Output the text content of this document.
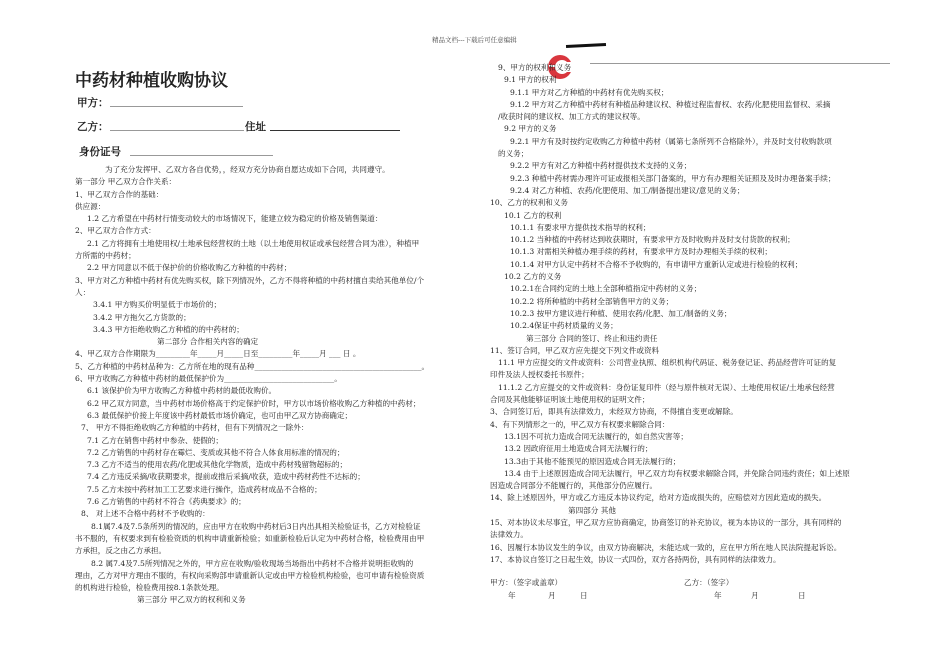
精品文档---下载后可任意编辑
中药材种植收购协议
甲方：
乙方：	住址
身份证号
为了充分发挥甲、乙双方各自优势，，经双方充分协商自愿达成如下合同，共同遵守。
第一部分 甲乙双方合作关系：
1、甲乙双方合作的基础：
供应源：
1.2 乙方希望在中药材行情变动较大的市场情况下，能建立较为稳定的价格及销售渠道：
2、甲乙双方合作方式：
2.1 乙方将拥有土地使用权/土地承包经营权的土地（以土地使用权证或承包经营合同为准），种植甲
方所需的中药材；
2.2 甲方同意以不低于保护价的价格收购乙方种植的中药材；
3、甲方对乙方种植中药材有优先购买权，除下列情况外，乙方不得将种植的中药材擅自卖给其他单位/个
人：
3.4.1 甲方购买价明显低于市场价的；
3.4.2 甲方拖欠乙方货款的；
3.4.3 甲方拒绝收购乙方种植的的中药材的；
第二部分 合作相关内容的确定
4、甲乙双方合作期限为_________年_____月_____日至_________年_____月 ___ 日 。
5、乙方种植的中药材品种为：乙方所在地的现有品种____________________________________________。
6、甲方收购乙方种植中药材的最低保护价为_____________________________。
6.1 该保护价为甲方收购乙方种植中药材的最低收购价。
6.2 甲乙双方同意，当中药材市场价格高于约定保护价时，甲方以市场价格收购乙方种植的中药材；
6.3 最低保护价接上年度该中药材最低市场价确定，也可由甲乙双方协商确定；
7、 甲方不得拒绝收购乙方种植的中药材，但有下列情况之一除外：
7.1 乙方在销售中药材中参杂、使假的；
7.2 乙方销售的中药材存在霉烂、变质或其他不符合人体食用标准的情况的；
7.3 乙方不适当的使用农药/化肥或其他化学物质，造成中药材残留物超标的；
7.4 乙方违反采摘/收获期要求，提前或推后采摘/收获，造成中药材药性不达标的；
7.5 乙方未按中药材加工工艺要求进行操作，造成药材成品不合格的；
7.6 乙方销售的中药材不符合《药典要求》的；
8、 对上述不合格中药材不予收购的：
8.1属7.4及7.5条所列的情况的，应由甲方在收购中药材后3日内出具相关检验证书，乙方对检验证
书不服的，有权要求到有检验资质的机构申请重新检验；如重新检验后认定为中药材合格，检验费用由甲
方承担，反之由乙方承担。
8.2 属7.4及7.5所列情况之外的，甲方应在收购/验收现场当场指出中药材不合格并说明拒收购的
理由，乙方对甲方理由不服的，有权向采购部申请重新认定或由甲方检验机构检验，也可申请有检验资质
的机构进行检验，检验费用按8.1条款处理。
第三部分 甲乙双方的权利和义务
9、甲方的权利和义务
9.1 甲方的权利
9.1.1 甲方对乙方种植的中药材有优先购买权；
9.1.2 甲方对乙方种植中药材有种植品种建议权、种植过程监督权、农药/化肥使用监督权、采摘
/收获时间的建议权、加工方式的建议权等。
9.2 甲方的义务
9.2.1 甲方有及时按约定收购乙方种植中药材（属第七条所列不合格除外），并及时支付收购款项
的义务；
9.2.2 甲方有对乙方种植中药材提供技术支持的义务；
9.2.3 种植中药材需办理许可证或报相关部门备案的，甲方有办理相关证照及及时办理备案手续；
9.2.4 对乙方种植、农药/化肥使用、加工/制备提出建议/意见的义务；
10、乙方的权利和义务
10.1 乙方的权利
10.1.1 有要求甲方提供技术指导的权利；
10.1.2 当种植的中药材达到收获期时，有要求甲方及时收购并及时支付货款的权利；
10.1.3 对需相关种植办理手续的药材，有要求甲方及时办理相关手续的权利；
10.1.4 对甲方认定中药材不合格不予收购的，有申请甲方重新认定或进行检验的权利；
10.2 乙方的义务
10.2.1在合同约定的土地上全部种植指定中药材的义务；
10.2.2 将所种植的中药材全部销售甲方的义务；
10.2.3 按甲方建议进行种植、使用农药/化肥、加工/制备的义务；
10.2.4保证中药材质量的义务；
第三部分 合同的签订、终止和违约责任
11、签订合同，甲乙双方应先提交下列文件或资料
11.1 甲方应提交的文件或资料：公司营业执照、组织机构代码证、税务登记证、药品经营许可证的复
印件及法人授权委托书原件；
11.1.2 乙方应提交的文件或资料：身份证复印件（经与原件核对无误）、土地使用权证/土地承包经营
合同及其他能够证明该土地使用权的证明文件；
3、合同签订后，即具有法律效力，未经双方协商，不得擅自变更或解除。
4、有下列情形之一的，甲乙双方有权要求解除合同：
13.1因不可抗力造成合同无法履行的，如自然灾害等；
13.2 因政府征用土地造成合同无法履行的；
13.3由于其他不能预见的原因造成合同无法履行的；
13.4 由于上述原因造成合同无法履行，甲乙双方均有权要求解除合同，并免除合同违约责任；如上述原
因造成合同部分不能履行的，其他部分仍应履行。
14、除上述原因外，甲方或乙方违反本协议约定，给对方造成损失的，应赔偿对方因此造成的损失。
第四部分 其他
15、对本协议未尽事宜，甲乙双方应协商确定，协商签订的补充协议，视为本协议的一部分，具有同样的
法律效力。
16、因履行本协议发生的争议，由双方协商解决，未能达成一致的，应在甲方所在地人民法院提起诉讼。
17、本协议自签订之日起生效，协议一式四份，双方各持两份，具有同样的法律效力。
甲方：（签字或盖章）	乙方：（签字）
年	月	日	年	月	日
